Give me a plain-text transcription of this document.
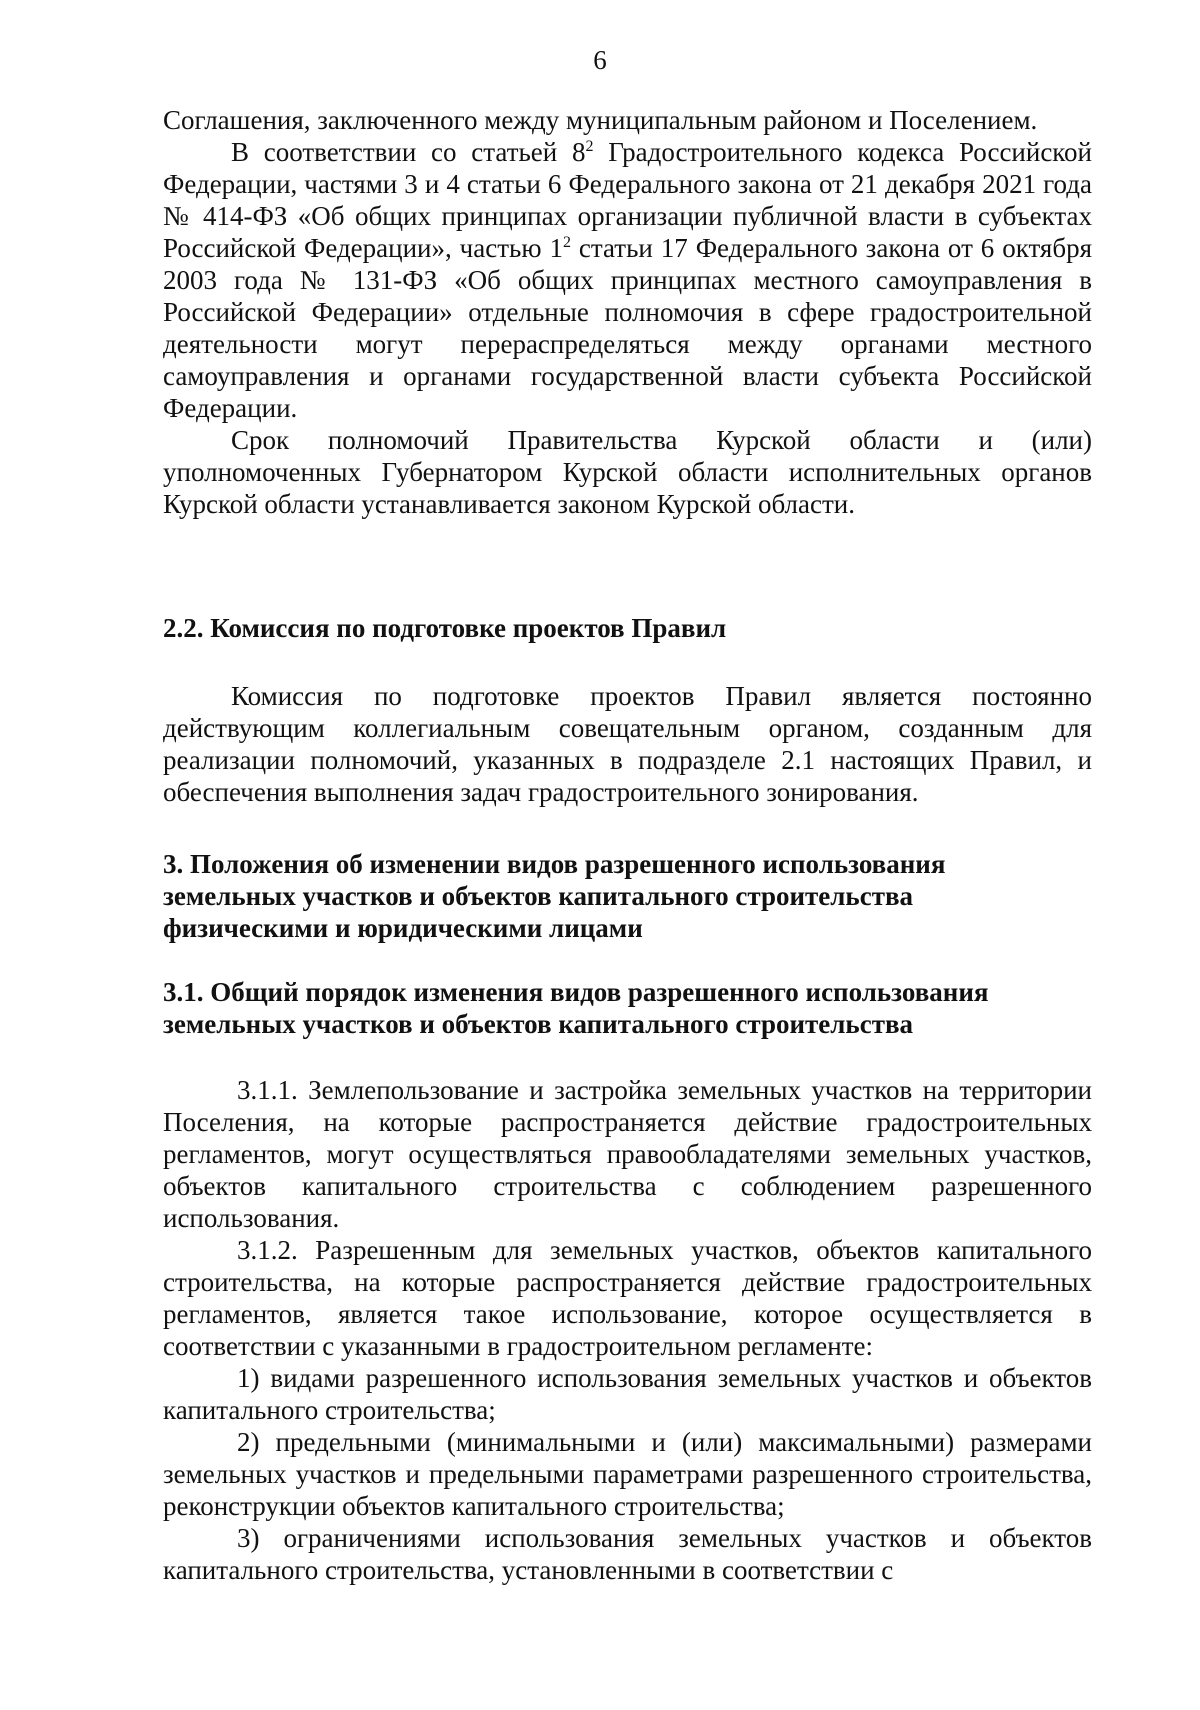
6

Соглашения, заключенного между муниципальным районом и Поселением.

В соответствии со статьей $8^2$ Градостроительного кодекса Российской Федерации, частями 3 и 4 статьи 6 Федерального закона от 21 декабря 2021 года № 414-ФЗ «Об общих принципах организации публичной власти в субъектах Российской Федерации», частью $1^2$ статьи 17 Федерального закона от 6 октября 2003 года № 131-ФЗ «Об общих принципах местного самоуправления в Российской Федерации» отдельные полномочия в сфере градостроительной деятельности могут перераспределяться между органами местного самоуправления и органами государственной власти субъекта Российской Федерации.

Срок полномочий Правительства Курской области и (или) уполномоченных Губернатором Курской области исполнительных органов Курской области устанавливается законом Курской области.

2.2. Комиссия по подготовке проектов Правил

Комиссия по подготовке проектов Правил является постоянно действующим коллегиальным совещательным органом, созданным для реализации полномочий, указанных в подразделе 2.1 настоящих Правил, и обеспечения выполнения задач градостроительного зонирования.

3. Положения об изменении видов разрешенного использования

земельных участков и объектов капитального строительства

физическими и юридическими лицами

3.1. Общий порядок изменения видов разрешенного использования

земельных участков и объектов капитального строительства

3.1.1. Землепользование и застройка земельных участков на территории Поселения, на которые распространяется действие градостроительных регламентов, могут осуществляться правообладателями земельных участков, объектов капитального строительства с соблюдением разрешенного использования.

3.1.2. Разрешенным для земельных участков, объектов капитального строительства, на которые распространяется действие градостроительных регламентов, является такое использование, которое осуществляется в соответствии с указанными в градостроительном регламенте:

1) видами разрешенного использования земельных участков и объектов капитального строительства;

2) предельными (минимальными и (или) максимальными) размерами земельных участков и предельными параметрами разрешенного строительства, реконструкции объектов капитального строительства;

3) ограничениями использования земельных участков и объектов капитального строительства, установленными в соответствии с
